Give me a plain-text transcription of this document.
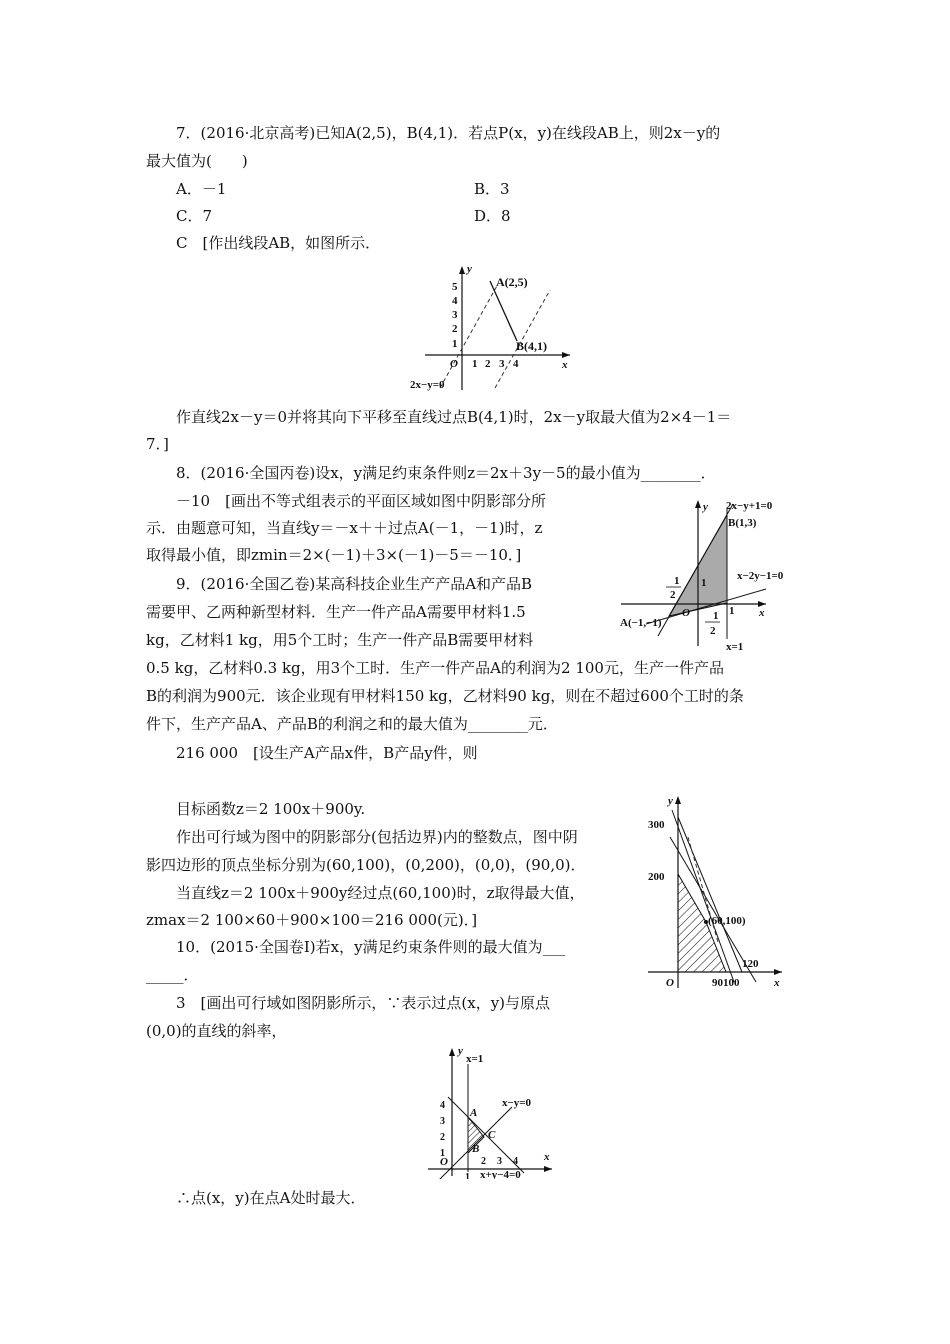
7．(2016·北京高考)已知A(2,5)，B(4,1)．若点P(x，y)在线段AB上，则2x－y的
最大值为(　　)
A．－1	B．3
C．7	D．8
C　[作出线段AB，如图所示．
A(2,5)
B(4,1)
2x−y=0
O	x
y
1 2 3 4
1
2
3
4
5
作直线2x－y＝0并将其向下平移至直线过点B(4,1)时，2x－y取最大值为2×4－1＝
7．]
8．(2016·全国丙卷)设x，y满足约束条件则z＝2x＋3y－5的最小值为________．
－10　[画出不等式组表示的平面区域如图中阴影部分所
示．由题意可知，当直线y＝－x＋＋过点A(－1，－1)时，z
取得最小值，即zmin＝2×(－1)＋3×(－1)－5＝－10．]
2x−y+1=0
B(1,3)
x−2y−1=0
A(−1,−1)
x=1
O	x
y
1
1
1
2
1
2
9．(2016·全国乙卷)某高科技企业生产产品A和产品B
需要甲、乙两种新型材料．生产一件产品A需要甲材料1.5
kg，乙材料1 kg，用5个工时；生产一件产品B需要甲材料
0.5 kg，乙材料0.3 kg，用3个工时．生产一件产品A的利润为2 100元，生产一件产品
B的利润为900元．该企业现有甲材料150 kg，乙材料90 kg，则在不超过600个工时的条
件下，生产产品A、产品B的利润之和的最大值为________元．
216 000　[设生产A产品x件，B产品y件，则
目标函数z＝2 100x＋900y.
作出可行域为图中的阴影部分(包括边界)内的整数点，图中阴
影四边形的顶点坐标分别为(60,100)，(0,200)，(0,0)，(90,0)．
当直线z＝2 100x＋900y经过点(60,100)时，z取得最大值，
zmax＝2 100×60＋900×100＝216 000(元)．]
300
200
(60,100)
120
90100
O	x
y
10．(2015·全国卷Ⅰ)若x，y满足约束条件则的最大值为___
_____．
3　[画出可行域如图阴影所示，∵表示过点(x，y)与原点
(0,0)的直线的斜率，
x=1
x−y=0
x+y−4=0
A
B
C
O	x
y
1
2 3 4
1
2
3
4
∴点(x，y)在点A处时最大．
